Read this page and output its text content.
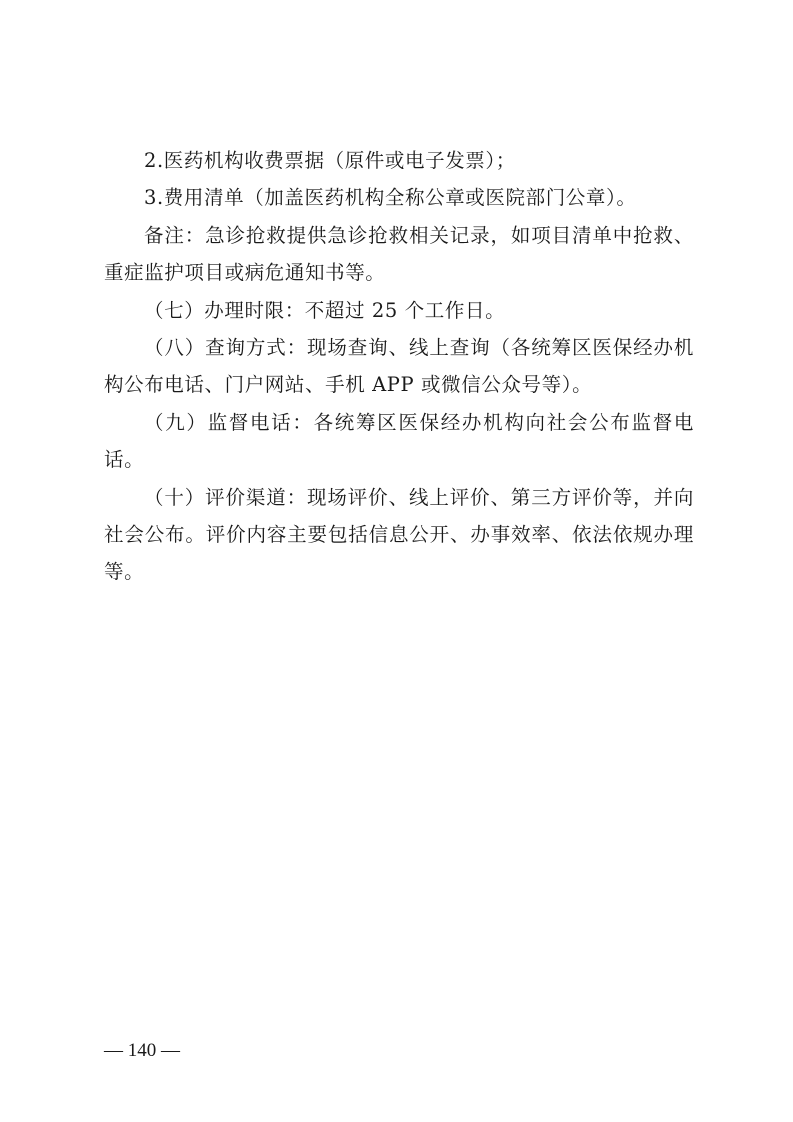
2.医药机构收费票据（原件或电子发票）；

3.费用清单（加盖医药机构全称公章或医院部门公章）。

备注：急诊抢救提供急诊抢救相关记录，如项目清单中抢救、重症监护项目或病危通知书等。

（七）办理时限：不超过 25 个工作日。

（八）查询方式：现场查询、线上查询（各统筹区医保经办机构公布电话、门户网站、手机 APP 或微信公众号等）。

（九）监督电话：各统筹区医保经办机构向社会公布监督电话。

（十）评价渠道：现场评价、线上评价、第三方评价等，并向社会公布。评价内容主要包括信息公开、办事效率、依法依规办理等。

— 140 —
